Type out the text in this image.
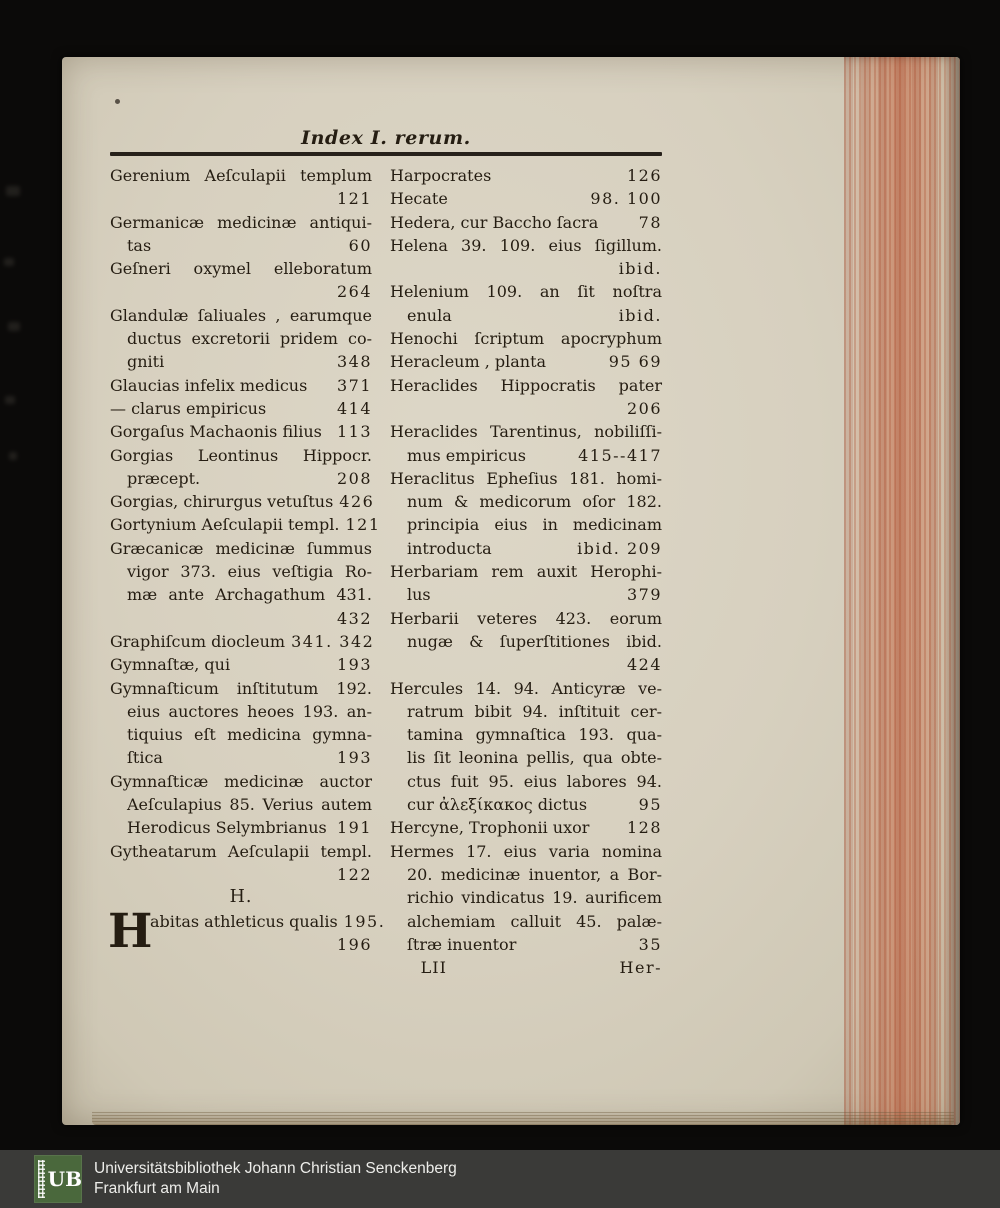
Index I. rerum.
Gerenium Aeſculapii templum
121
Germanicæ medicinæ antiqui-
tas	60
Geſneri oxymel elleboratum
264
Glandulæ ſaliuales , earumque
ductus excretorii pridem co-
gniti	348
Glaucias infelix medicus	371
— clarus empiricus	414
Gorgaſus Machaonis filius 113
Gorgias Leontinus Hippocr.
præcept.	208
Gorgias, chirurgus vetuſtus 426
Gortynium Aeſculapii templ. 121
Græcanicæ medicinæ ſummus
vigor 373. eius veſtigia Ro-
mæ ante Archagathum 431.
432
Graphiſcum diocleum 341. 342
Gymnaſtæ, qui	193
Gymnaſticum inſtitutum 192.
eius auctores heoes 193. an-
tiquius eſt medicina gymna-
ſtica	193
Gymnaſticæ medicinæ auctor
Aeſculapius 85. Verius autem
Herodicus Selymbrianus 191
Gytheatarum Aeſculapii templ.
122
H.
H
abitas athleticus qualis 195.
196
Harpocrates	126
Hecate	98. 100
Hedera, cur Baccho ſacra	78
Helena 39. 109. eius ſigillum.
ibid.
Helenium 109. an ſit noſtra
enula	ibid.
Henochi ſcriptum apocryphum
Heracleum , planta	95 69
Heraclides Hippocratis pater
206
Heraclides Tarentinus, nobiliſſi-
mus empiricus	415--417
Heraclitus Epheſius 181. homi-
num & medicorum oſor 182.
principia eius in medicinam
introducta	ibid. 209
Herbariam rem auxit Herophi-
lus	379
Herbarii veteres 423. eorum
nugæ & ſuperſtitiones ibid.
424
Hercules 14. 94. Anticyræ ve-
ratrum bibit 94. inſtituit cer-
tamina gymnaſtica 193. qua-
lis ſit leonina pellis, qua obte-
ctus fuit 95. eius labores 94.
cur ἀλεξίκακος dictus	95
Hercyne, Trophonii uxor	128
Hermes 17. eius varia nomina
20. medicinæ inuentor, a Bor-
richio vindicatus 19. aurificem
alchemiam calluit 45. palæ-
ſtræ inuentor	35
LII	Her-
UB Universitätsbibliothek Johann Christian Senckenberg
Frankfurt am Main
